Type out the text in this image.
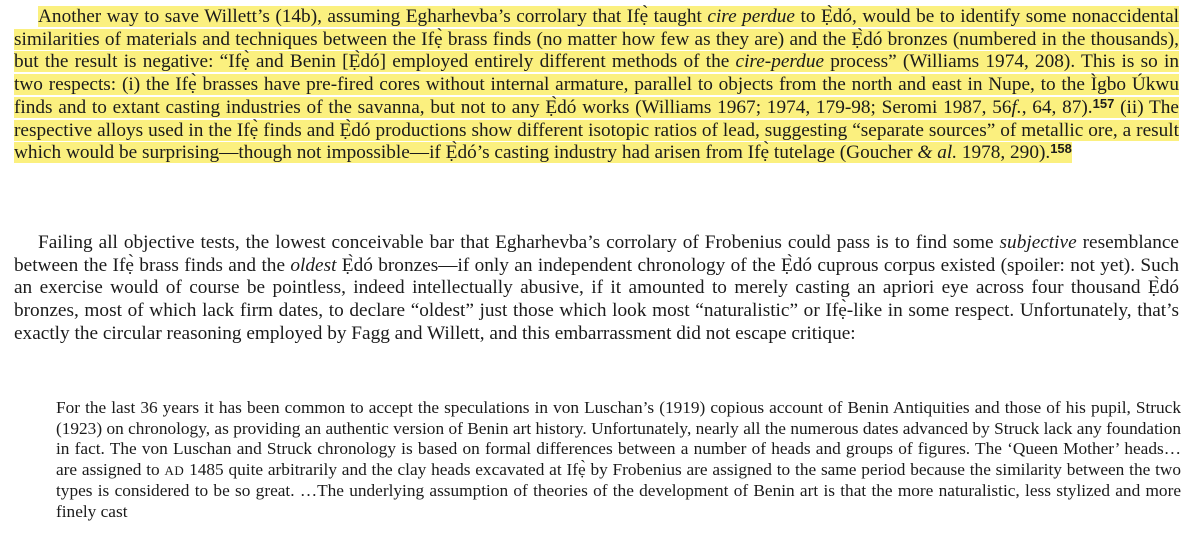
Another way to save Willett’s (14b), assuming Egharhevba’s corrolary that Ifẹ̀ taught cire perdue to Ẹ̀dó, would be to identify some nonaccidental similarities of materials and techniques between the Ifẹ̀ brass finds (no matter how few as they are) and the Ẹ̀dó bronzes (numbered in the thousands), but the result is negative: “Ifẹ̀ and Benin [Ẹ̀dó] employed entirely different methods of the cire-perdue process” (Williams 1974, 208). This is so in two respects: (i) the Ifẹ̀ brasses have pre-fired cores without internal armature, parallel to objects from the north and east in Nupe, to the Ìgbo Úkwu finds and to extant casting industries of the savanna, but not to any Ẹ̀dó works (Williams 1967; 1974, 179-98; Seromi 1987, 56f., 64, 87).$^{157}$ (ii) The respective alloys used in the Ifẹ̀ finds and Ẹ̀dó productions show different isotopic ratios of lead, suggesting “separate sources” of metallic ore, a result which would be surprising—though not impossible—if Ẹ̀dó’s casting industry had arisen from Ifẹ̀ tutelage (Goucher & al. 1978, 290).$^{158}$

Failing all objective tests, the lowest conceivable bar that Egharhevba’s corrolary of Frobenius could pass is to find some subjective resemblance between the Ifẹ̀ brass finds and the oldest Ẹ̀dó bronzes—if only an independent chronology of the Ẹ̀dó cuprous corpus existed (spoiler: not yet). Such an exercise would of course be pointless, indeed intellectually abusive, if it amounted to merely casting an apriori eye across four thousand Ẹ̀dó bronzes, most of which lack firm dates, to declare “oldest” just those which look most “naturalistic” or Ifẹ̀-like in some respect. Unfortunately, that’s exactly the circular reasoning employed by Fagg and Willett, and this embarrassment did not escape critique:

For the last 36 years it has been common to accept the speculations in von Luschan’s (1919) copious account of Benin Antiquities and those of his pupil, Struck (1923) on chronology, as providing an authentic version of Benin art history. Unfortunately, nearly all the numerous dates advanced by Struck lack any foundation in fact. The von Luschan and Struck chronology is based on formal differences between a number of heads and groups of figures. The ‘Queen Mother’ heads… are assigned to AD 1485 quite arbitrarily and the clay heads excavated at Ifẹ̀ by Frobenius are assigned to the same period because the similarity between the two types is considered to be so great. …The underlying assumption of theories of the development of Benin art is that the more naturalistic, less stylized and more finely cast
